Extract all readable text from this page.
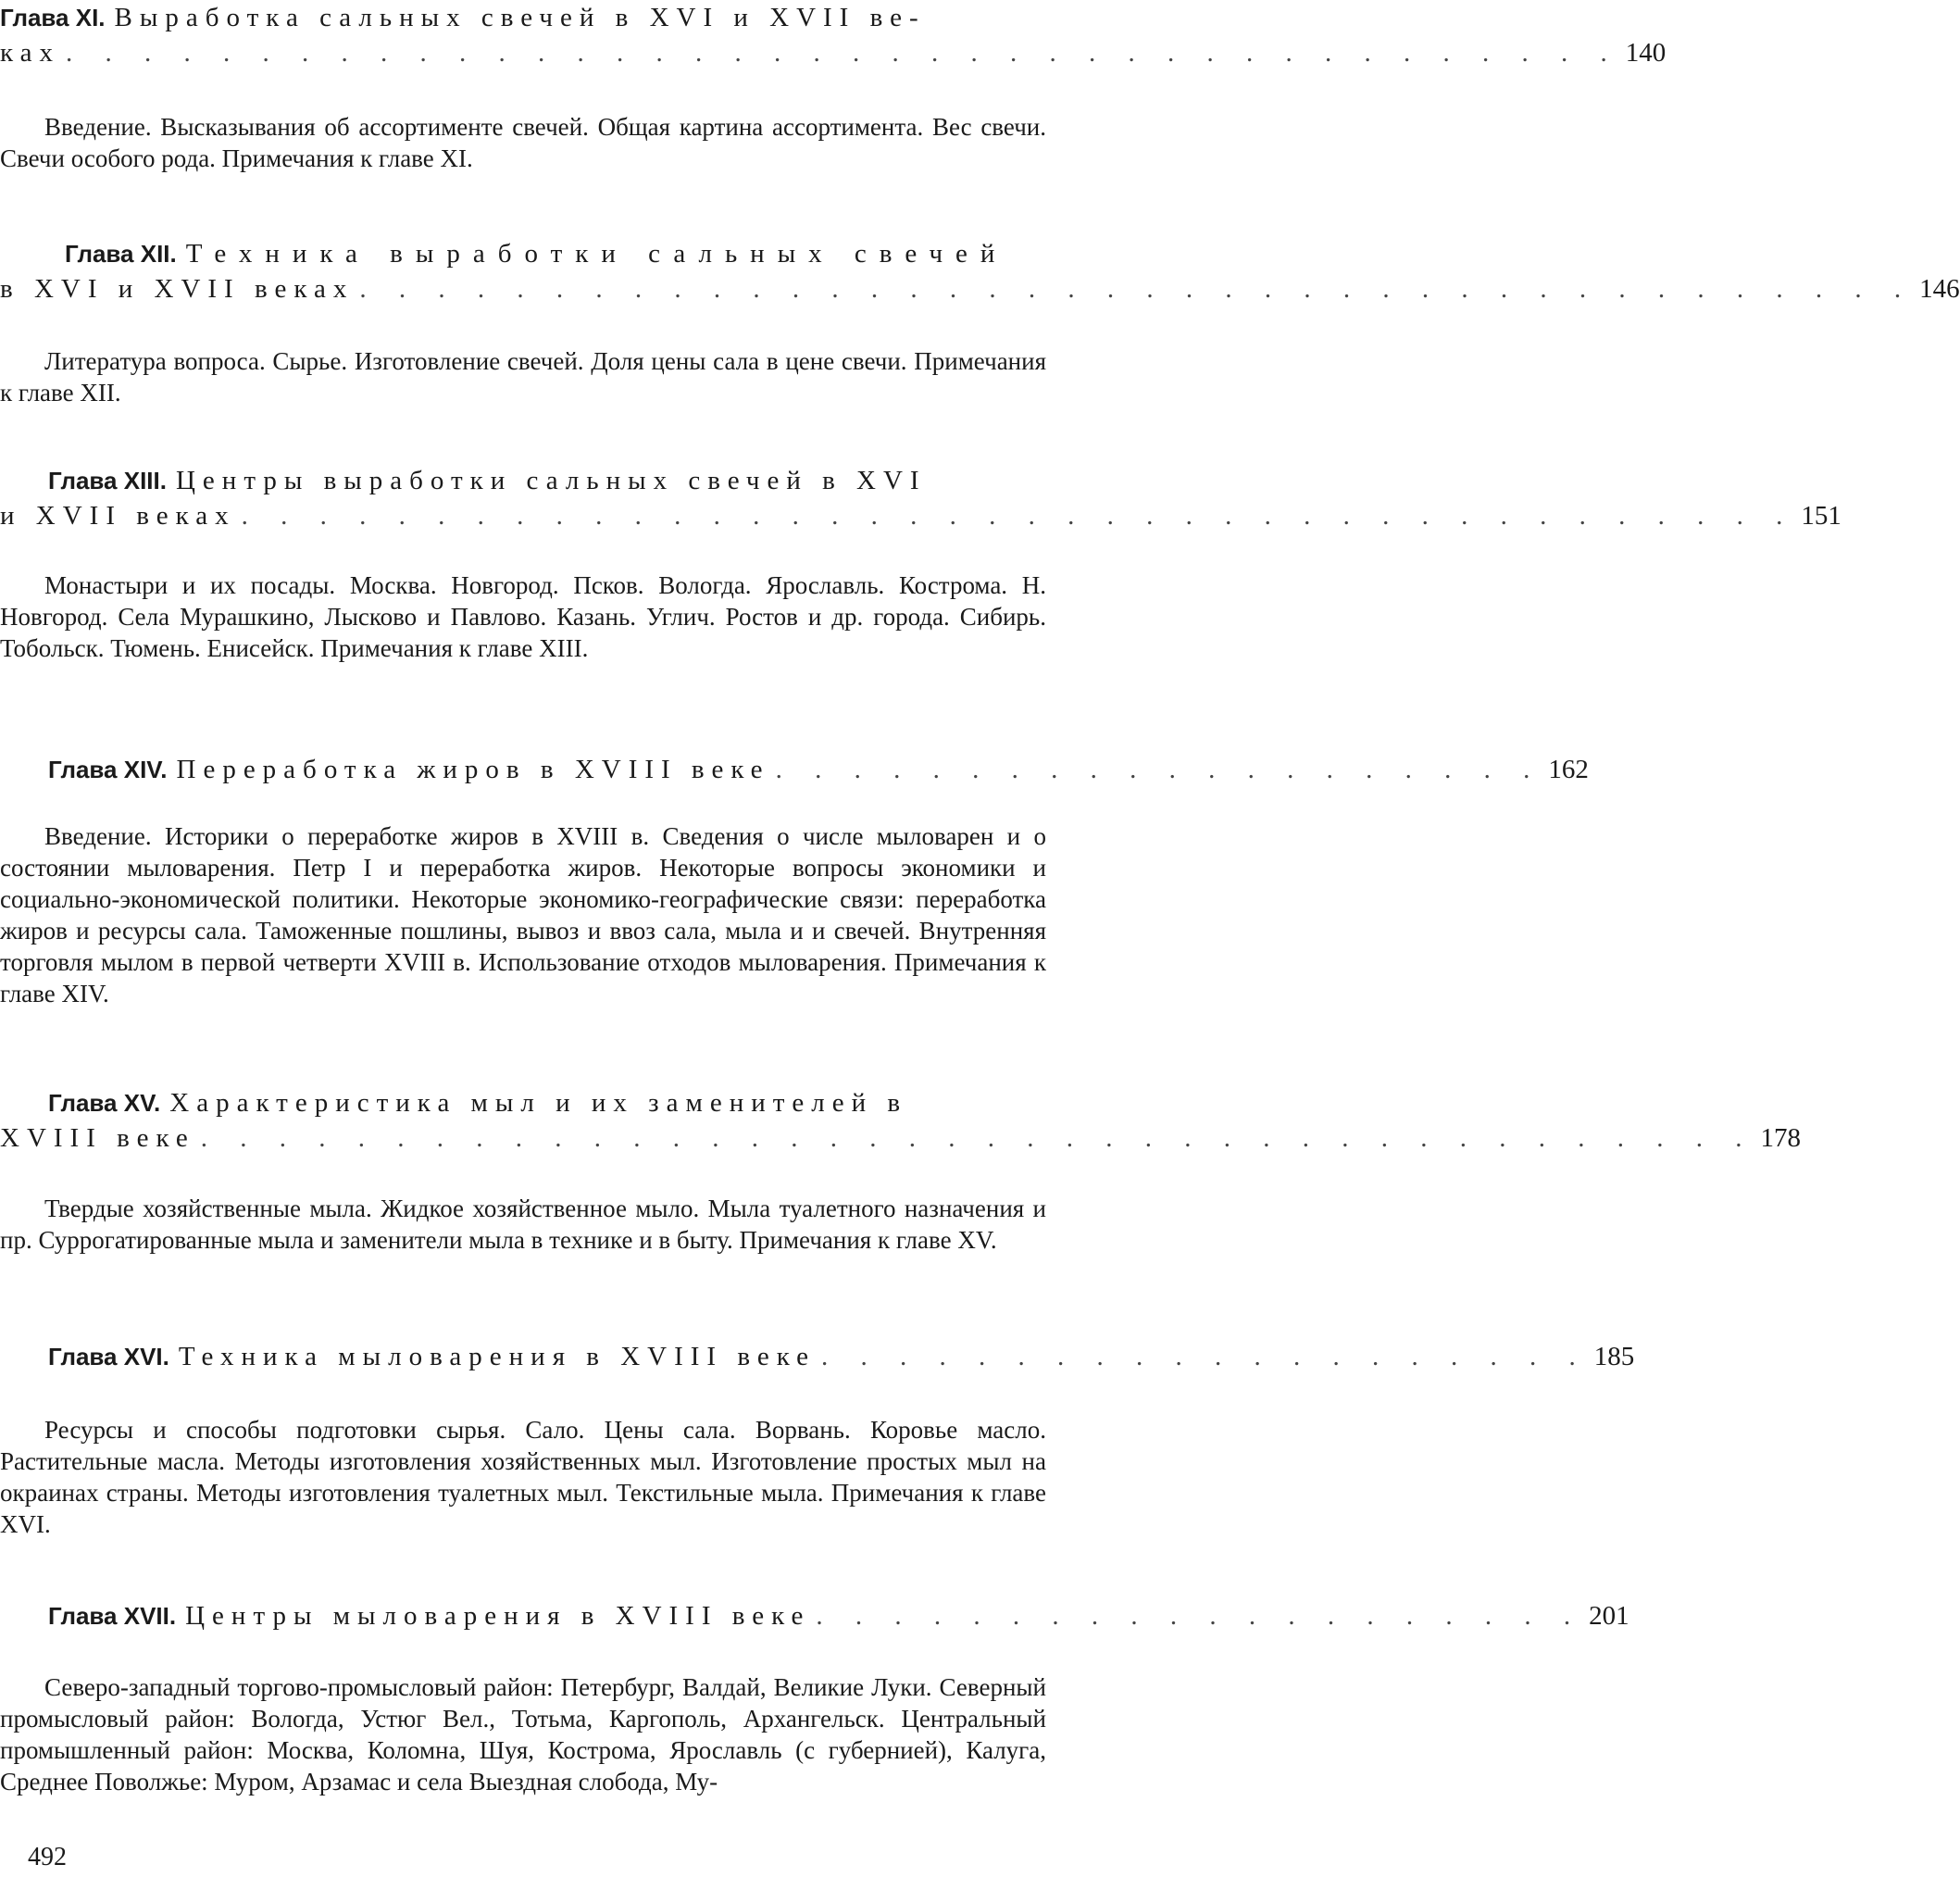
Глава XI. Выработка сальных свечей в XVI и XVII ве-
ках . . . . . . . . . . . . . . . . . . . . . . . . . . . . . . . . . . . . . . . . 140
Введение. Высказывания об ассортименте свечей. Общая картина ассортимента. Вес свечи. Свечи особого рода. Примечания к главе XI.
Глава XII. Техника выработки сальных свечей
в XVI и XVII веках . . . . . . . . . . . . . . . . . . . . . . . . . . . . . . . . . . . . . . . . 146
Литература вопроса. Сырье. Изготовление свечей. Доля цены сала в цене свечи. Примечания к главе XII.
Глава XIII. Центры выработки сальных свечей в XVI
и XVII веках . . . . . . . . . . . . . . . . . . . . . . . . . . . . . . . . . . . . . . . . 151
Монастыри и их посады. Москва. Новгород. Псков. Вологда. Ярославль. Кострома. Н. Новгород. Села Мурашкино, Лысково и Павлово. Казань. Углич. Ростов и др. города. Сибирь. Тобольск. Тюмень. Енисейск. Примечания к главе XIII.
Глава XIV. Переработка жиров в XVIII веке . . . . . . . . . . . . . . . . . . . . 162
Введение. Историки о переработке жиров в XVIII в. Сведения о числе мыловарен и о состоянии мыловарения. Петр I и переработка жиров. Некоторые вопросы экономики и социально-экономической политики. Некоторые экономико-географические связи: переработка жиров и ресурсы сала. Таможенные пошлины, вывоз и ввоз сала, мыла и и свечей. Внутренняя торговля мылом в первой четверти XVIII в. Использование отходов мыловарения. Примечания к главе XIV.
Глава XV. Характеристика мыл и их заменителей в
XVIII веке . . . . . . . . . . . . . . . . . . . . . . . . . . . . . . . . . . . . . . . . 178
Твердые хозяйственные мыла. Жидкое хозяйственное мыло. Мыла туалетного назначения и пр. Суррогатированные мыла и заменители мыла в технике и в быту. Примечания к главе XV.
Глава XVI. Техника мыловарения в XVIII веке . . . . . . . . . . . . . . . . . . . . 185
Ресурсы и способы подготовки сырья. Сало. Цены сала. Ворвань. Коровье масло. Растительные масла. Методы изготовления хозяйственных мыл. Изготовление простых мыл на окраинах страны. Методы изготовления туалетных мыл. Текстильные мыла. Примечания к главе XVI.
Глава XVII. Центры мыловарения в XVIII веке . . . . . . . . . . . . . . . . . . . . 201
Северо-западный торгово-промысловый район: Петербург, Валдай, Великие Луки. Северный промысловый район: Вологда, Устюг Вел., Тотьма, Каргополь, Архангельск. Центральный промышленный район: Москва, Коломна, Шуя, Кострома, Ярославль (с губернией), Калуга, Среднее Поволжье: Муром, Арзамас и села Выездная слобода, Му-
492
